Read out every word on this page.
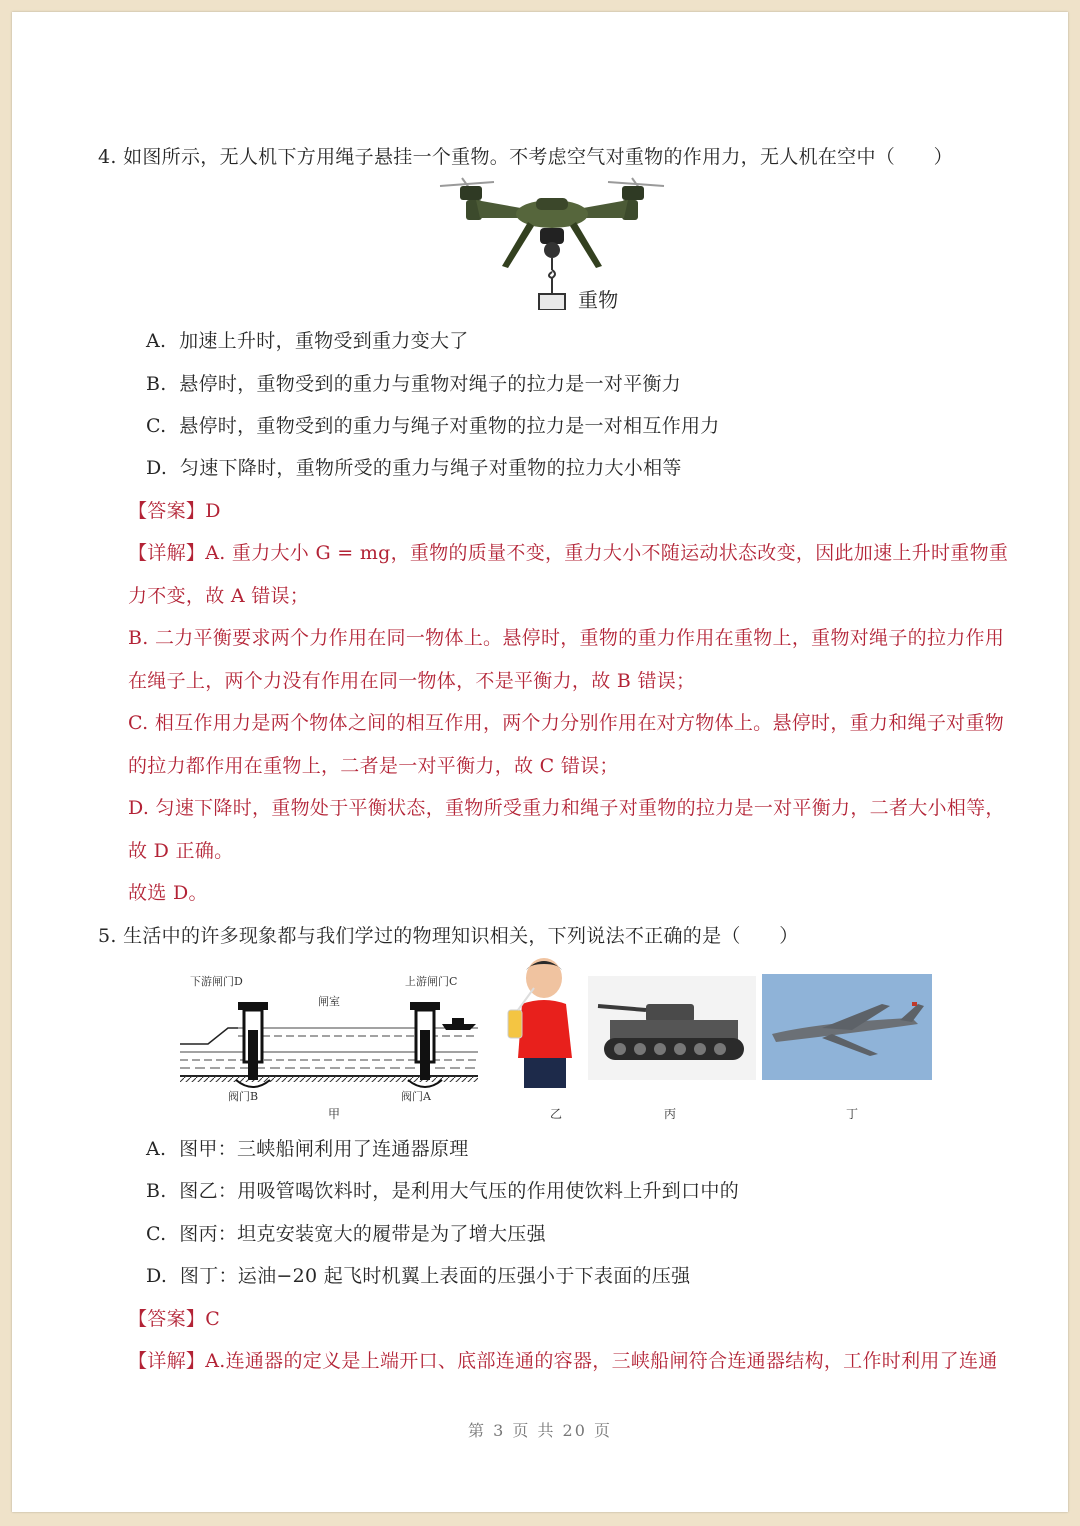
4. 如图所示，无人机下方用绳子悬挂一个重物。不考虑空气对重物的作用力，无人机在空中（　　）
重物
A. 加速上升时，重物受到重力变大了
B. 悬停时，重物受到的重力与重物对绳子的拉力是一对平衡力
C. 悬停时，重物受到的重力与绳子对重物的拉力是一对相互作用力
D. 匀速下降时，重物所受的重力与绳子对重物的拉力大小相等
【答案】D
【详解】A. 重力大小 G = mg，重物的质量不变，重力大小不随运动状态改变，因此加速上升时重物重
力不变，故 A 错误；
B. 二力平衡要求两个力作用在同一物体上。悬停时，重物的重力作用在重物上，重物对绳子的拉力作用
在绳子上，两个力没有作用在同一物体，不是平衡力，故 B 错误；
C. 相互作用力是两个物体之间的相互作用，两个力分别作用在对方物体上。悬停时，重力和绳子对重物
的拉力都作用在重物上，二者是一对平衡力，故 C 错误；
D. 匀速下降时，重物处于平衡状态，重物所受重力和绳子对重物的拉力是一对平衡力，二者大小相等，
故 D 正确。
故选 D。
5. 生活中的许多现象都与我们学过的物理知识相关，下列说法不正确的是（　　）
下游闸门D	上游闸门C
闸室
阀门B	阀门A
甲	乙	丙	丁
A. 图甲：三峡船闸利用了连通器原理
B. 图乙：用吸管喝饮料时，是利用大气压的作用使饮料上升到口中的
C. 图丙：坦克安装宽大的履带是为了增大压强
D. 图丁：运油−20 起飞时机翼上表面的压强小于下表面的压强
【答案】C
【详解】A.连通器的定义是上端开口、底部连通的容器，三峡船闸符合连通器结构，工作时利用了连通
第 3 页 共 20 页
